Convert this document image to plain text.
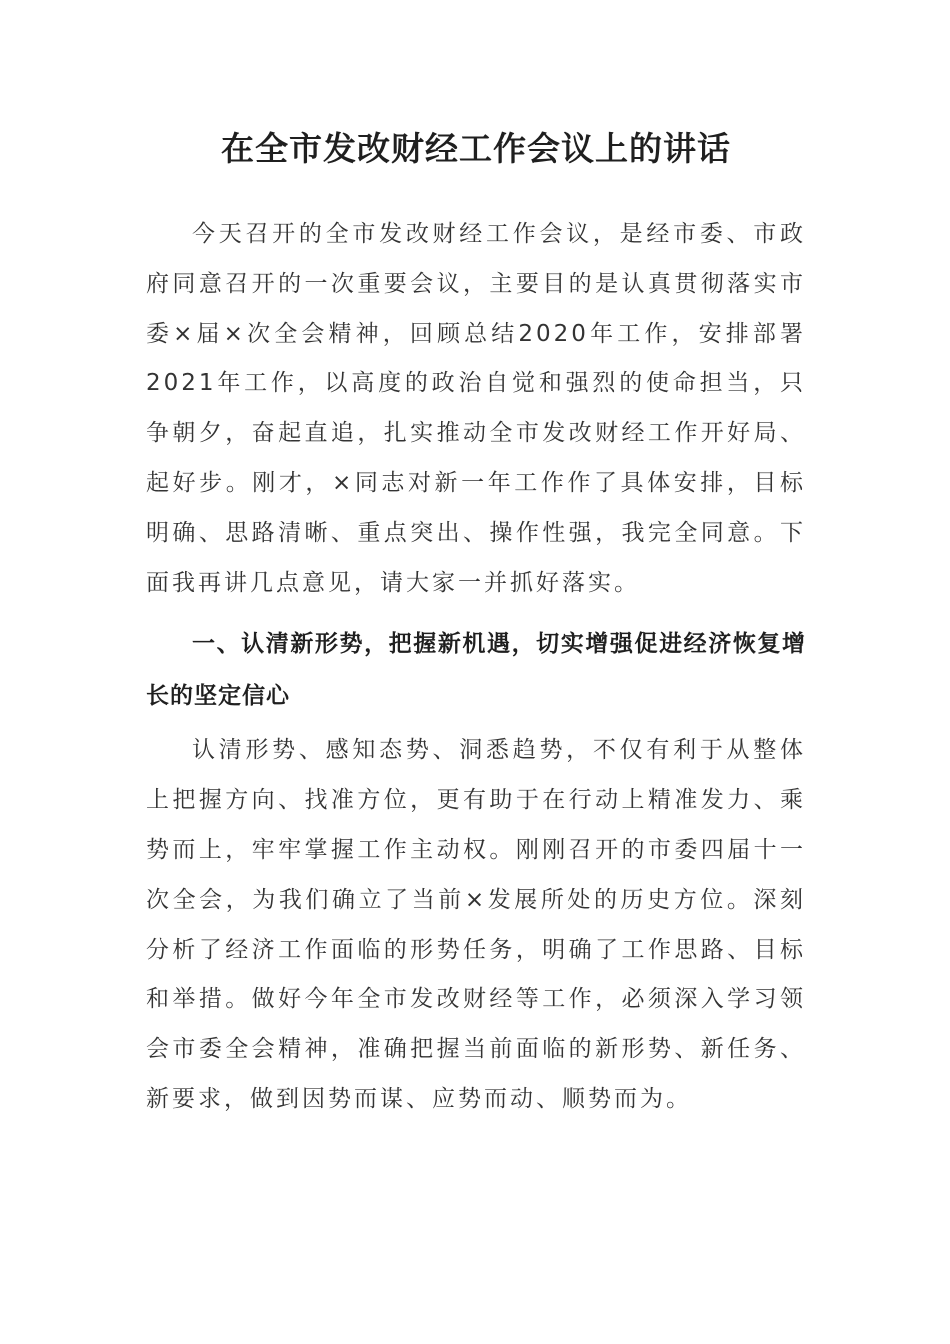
在全市发改财经工作会议上的讲话

今天召开的全市发改财经工作会议，是经市委、市政府同意召开的一次重要会议，主要目的是认真贯彻落实市委×届×次全会精神，回顾总结2020年工作，安排部署2021年工作，以高度的政治自觉和强烈的使命担当，只争朝夕，奋起直追，扎实推动全市发改财经工作开好局、起好步。刚才，×同志对新一年工作作了具体安排，目标明确、思路清晰、重点突出、操作性强，我完全同意。下面我再讲几点意见，请大家一并抓好落实。

一、认清新形势，把握新机遇，切实增强促进经济恢复增长的坚定信心

认清形势、感知态势、洞悉趋势，不仅有利于从整体上把握方向、找准方位，更有助于在行动上精准发力、乘势而上，牢牢掌握工作主动权。刚刚召开的市委四届十一次全会，为我们确立了当前×发展所处的历史方位。深刻分析了经济工作面临的形势任务，明确了工作思路、目标和举措。做好今年全市发改财经等工作，必须深入学习领会市委全会精神，准确把握当前面临的新形势、新任务、新要求，做到因势而谋、应势而动、顺势而为。
